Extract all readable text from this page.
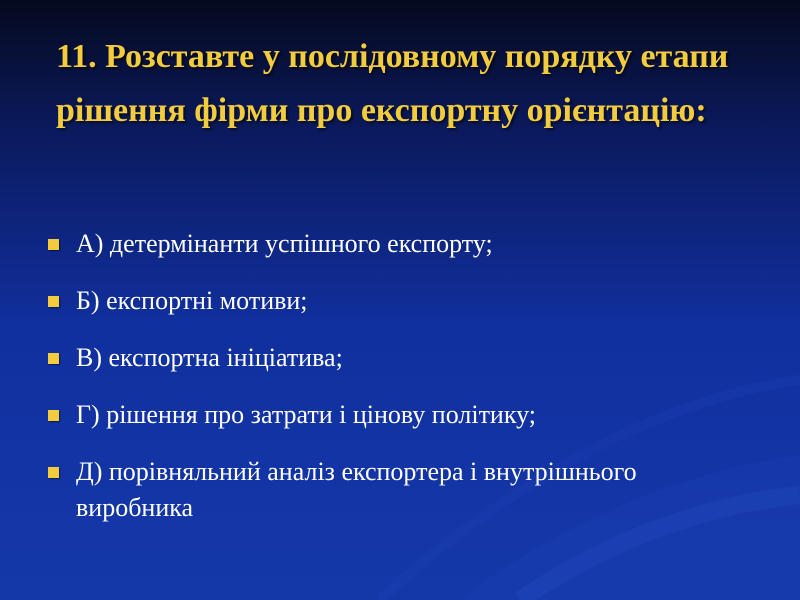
11. Розставте у послідовному порядку етапи рішення фірми про експортну орієнтацію:
А) детермінанти успішного експорту;
Б) експортні мотиви;
В) експортна ініціатива;
Г) рішення про затрати і цінову політику;
Д) порівняльний аналіз експортера і внутрішнього виробника
